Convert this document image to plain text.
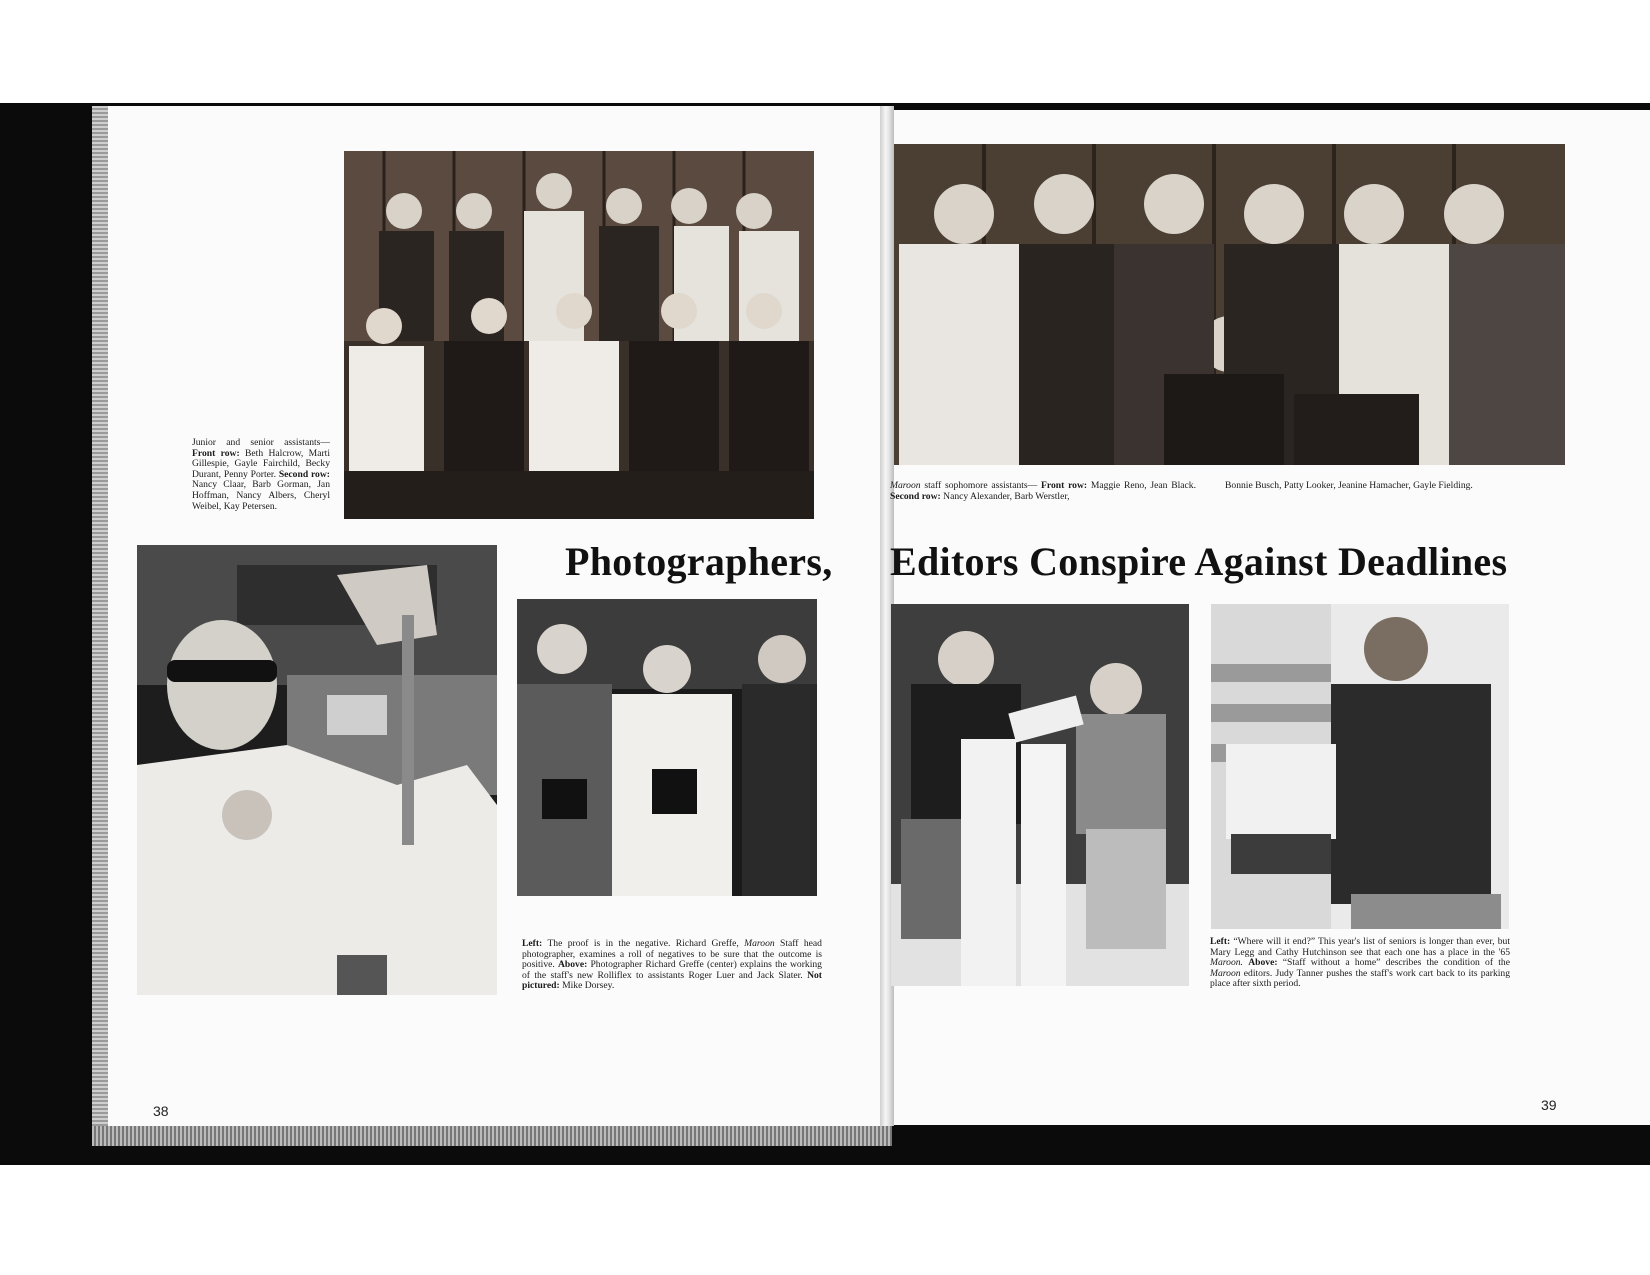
Junior and senior assistants— Front row: Beth Halcrow, Marti Gillespie, Gayle Fairchild, Becky Durant, Penny Porter. Second row: Nancy Claar, Barb Gorman, Jan Hoffman, Nancy Albers, Cheryl Weibel, Kay Petersen.
Photographers,
Left: The proof is in the negative. Richard Greffe, Maroon Staff head photographer, examines a roll of negatives to be sure that the outcome is positive. Above: Photographer Richard Greffe (center) explains the working of the staff's new Rolliflex to assistants Roger Luer and Jack Slater. Not pictured: Mike Dorsey.
38
Maroon staff sophomore assistants— Front row: Maggie Reno, Jean Black. Second row: Nancy Alexander, Barb Werstler,
Bonnie Busch, Patty Looker, Jeanine Hamacher, Gayle Fielding.
Editors Conspire Against Deadlines
Left: “Where will it end?” This year's list of seniors is longer than ever, but Mary Legg and Cathy Hutchinson see that each one has a place in the '65 Maroon. Above: “Staff without a home” describes the condition of the Maroon editors. Judy Tanner pushes the staff's work cart back to its parking place after sixth period.
39
